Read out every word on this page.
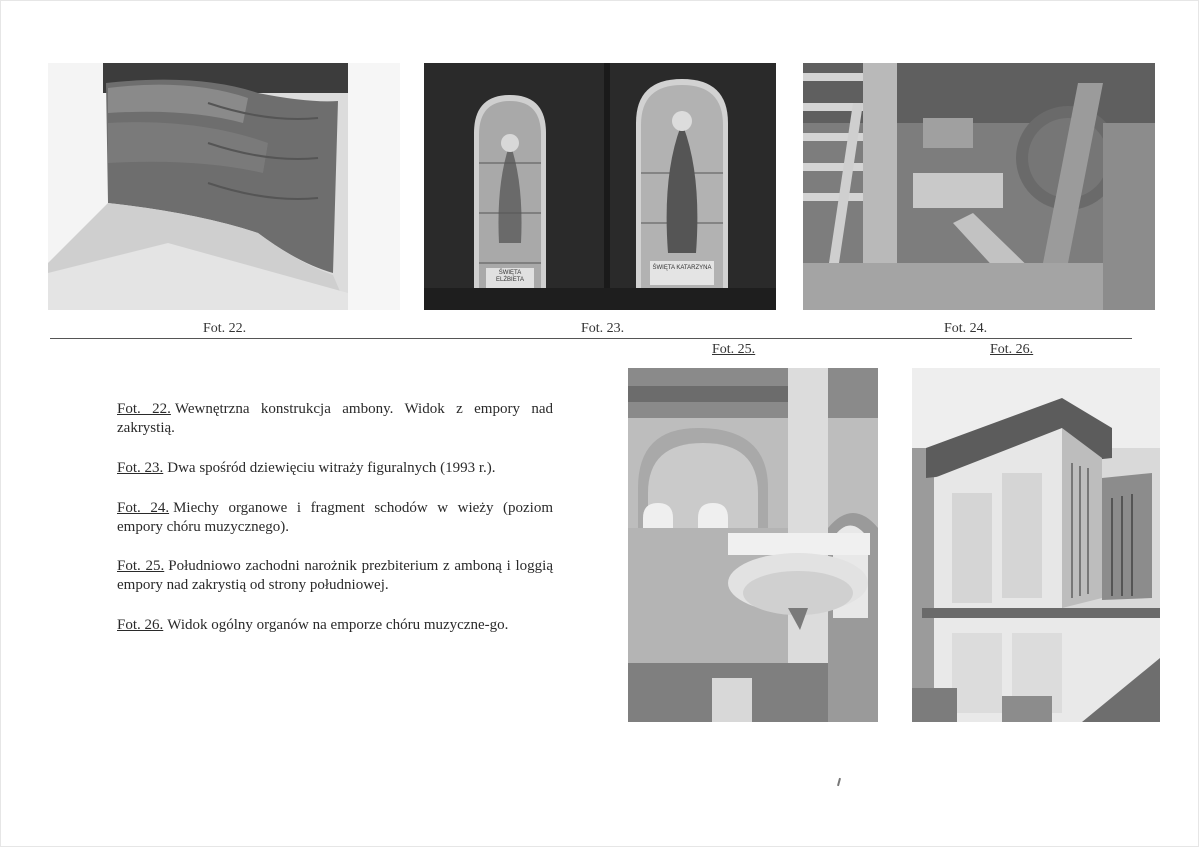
Fot. 22.
ŚWIĘTA ELŻBIETA
ŚWIĘTA KATARZYNA
Fot. 23.	Fot. 24.
Fot. 25.	Fot. 26.
Fot. 22. Wewnętrzna konstrukcja ambony. Widok z empory nad zakrystią.
Fot. 23. Dwa spośród dziewięciu witraży figuralnych (1993 r.).
Fot. 24. Miechy organowe i fragment schodów w wieży (poziom empory chóru muzycznego).
Fot. 25. Południowo zachodni narożnik prezbiterium z amboną i loggią empory nad zakrystią od strony południowej.
Fot. 26. Widok ogólny organów na emporze chóru muzyczne-go.
